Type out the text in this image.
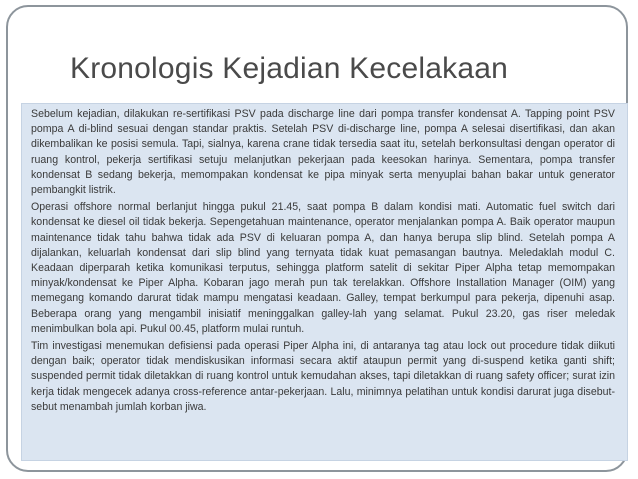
Kronologis Kejadian Kecelakaan

Sebelum kejadian, dilakukan re-sertifikasi PSV pada discharge line dari pompa transfer kondensat A. Tapping point PSV pompa A di-blind sesuai dengan standar praktis. Setelah PSV di-discharge line, pompa A selesai disertifikasi, dan akan dikembalikan ke posisi semula. Tapi, sialnya, karena crane tidak tersedia saat itu, setelah berkonsultasi dengan operator di ruang kontrol, pekerja sertifikasi setuju melanjutkan pekerjaan pada keesokan harinya. Sementara, pompa transfer kondensat B sedang bekerja, memompakan kondensat ke pipa minyak serta menyuplai bahan bakar untuk generator pembangkit listrik.

Operasi offshore normal berlanjut hingga pukul 21.45, saat pompa B dalam kondisi mati. Automatic fuel switch dari kondensat ke diesel oil tidak bekerja. Sepengetahuan maintenance, operator menjalankan pompa A. Baik operator maupun maintenance tidak tahu bahwa tidak ada PSV di keluaran pompa A, dan hanya berupa slip blind. Setelah pompa A dijalankan, keluarlah kondensat dari slip blind yang ternyata tidak kuat pemasangan bautnya. Meledaklah modul C. Keadaan diperparah ketika komunikasi terputus, sehingga platform satelit di sekitar Piper Alpha tetap memompakan minyak/kondensat ke Piper Alpha. Kobaran jago merah pun tak terelakkan. Offshore Installation Manager (OIM) yang memegang komando darurat tidak mampu mengatasi keadaan. Galley, tempat berkumpul para pekerja, dipenuhi asap. Beberapa orang yang mengambil inisiatif meninggalkan galley-lah yang selamat. Pukul 23.20, gas riser meledak menimbulkan bola api. Pukul 00.45, platform mulai runtuh.

Tim investigasi menemukan defisiensi pada operasi Piper Alpha ini, di antaranya tag atau lock out procedure tidak diikuti dengan baik; operator tidak mendiskusikan informasi secara aktif ataupun permit yang di-suspend ketika ganti shift; suspended permit tidak diletakkan di ruang kontrol untuk kemudahan akses, tapi diletakkan di ruang safety officer; surat izin kerja tidak mengecek adanya cross-reference antar-pekerjaan. Lalu, minimnya pelatihan untuk kondisi darurat juga disebut-sebut menambah jumlah korban jiwa.
